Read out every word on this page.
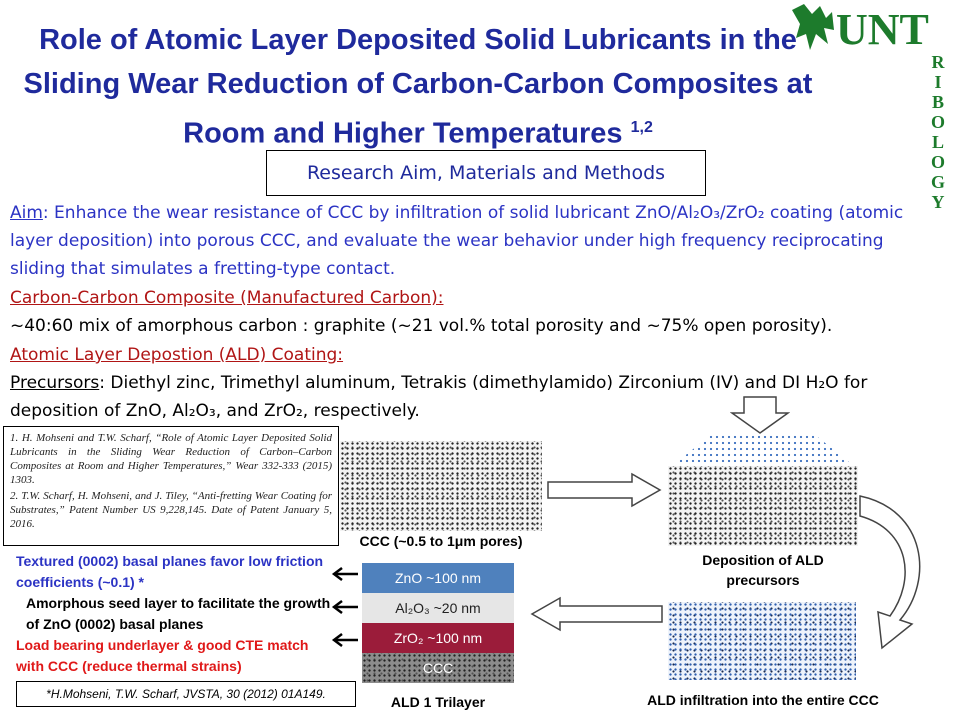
Role of Atomic Layer Deposited Solid Lubricants in the Sliding Wear Reduction of Carbon-Carbon Composites at Room and Higher Temperatures $^{1,2}$
UNT
R
I
B
O
L
O
G
Y
Research Aim, Materials and Methods
Aim: Enhance the wear resistance of CCC by infiltration of solid lubricant ZnO/Al₂O₃/ZrO₂ coating (atomic layer deposition) into porous CCC, and evaluate the wear behavior under high frequency reciprocating sliding that simulates a fretting-type contact.
Carbon-Carbon Composite (Manufactured Carbon):
~40:60 mix of amorphous carbon : graphite (~21 vol.% total porosity and ~75% open porosity).
Atomic Layer Depostion (ALD) Coating:
Precursors: Diethyl zinc, Trimethyl aluminum, Tetrakis (dimethylamido) Zirconium (IV) and DI H₂O for deposition of ZnO, Al₂O₃, and ZrO₂, respectively.

1. H. Mohseni and T.W. Scharf, “Role of Atomic Layer Deposited Solid Lubricants in the Sliding Wear Reduction of Carbon–Carbon Composites at Room and Higher Temperatures,” Wear 332-333 (2015) 1303.

2. T.W. Scharf, H. Mohseni, and J. Tiley, “Anti-fretting Wear Coating for Substrates,” Patent Number US 9,228,145. Date of Patent January 5, 2016.

CCC (~0.5 to 1μm pores)
Deposition of ALD precursors
ALD infiltration into the entire CCC
ZnO ~100 nm
Al₂O₃ ~20 nm
ZrO₂ ~100 nm
CCC
ALD 1 Trilayer
Textured (0002) basal planes favor low friction coefficients (~0.1) *
Amorphous seed layer to facilitate the growth of ZnO (0002) basal planes
Load bearing underlayer & good CTE match with CCC (reduce thermal strains)
*H.Mohseni, T.W. Scharf, JVSTA, 30 (2012) 01A149.
